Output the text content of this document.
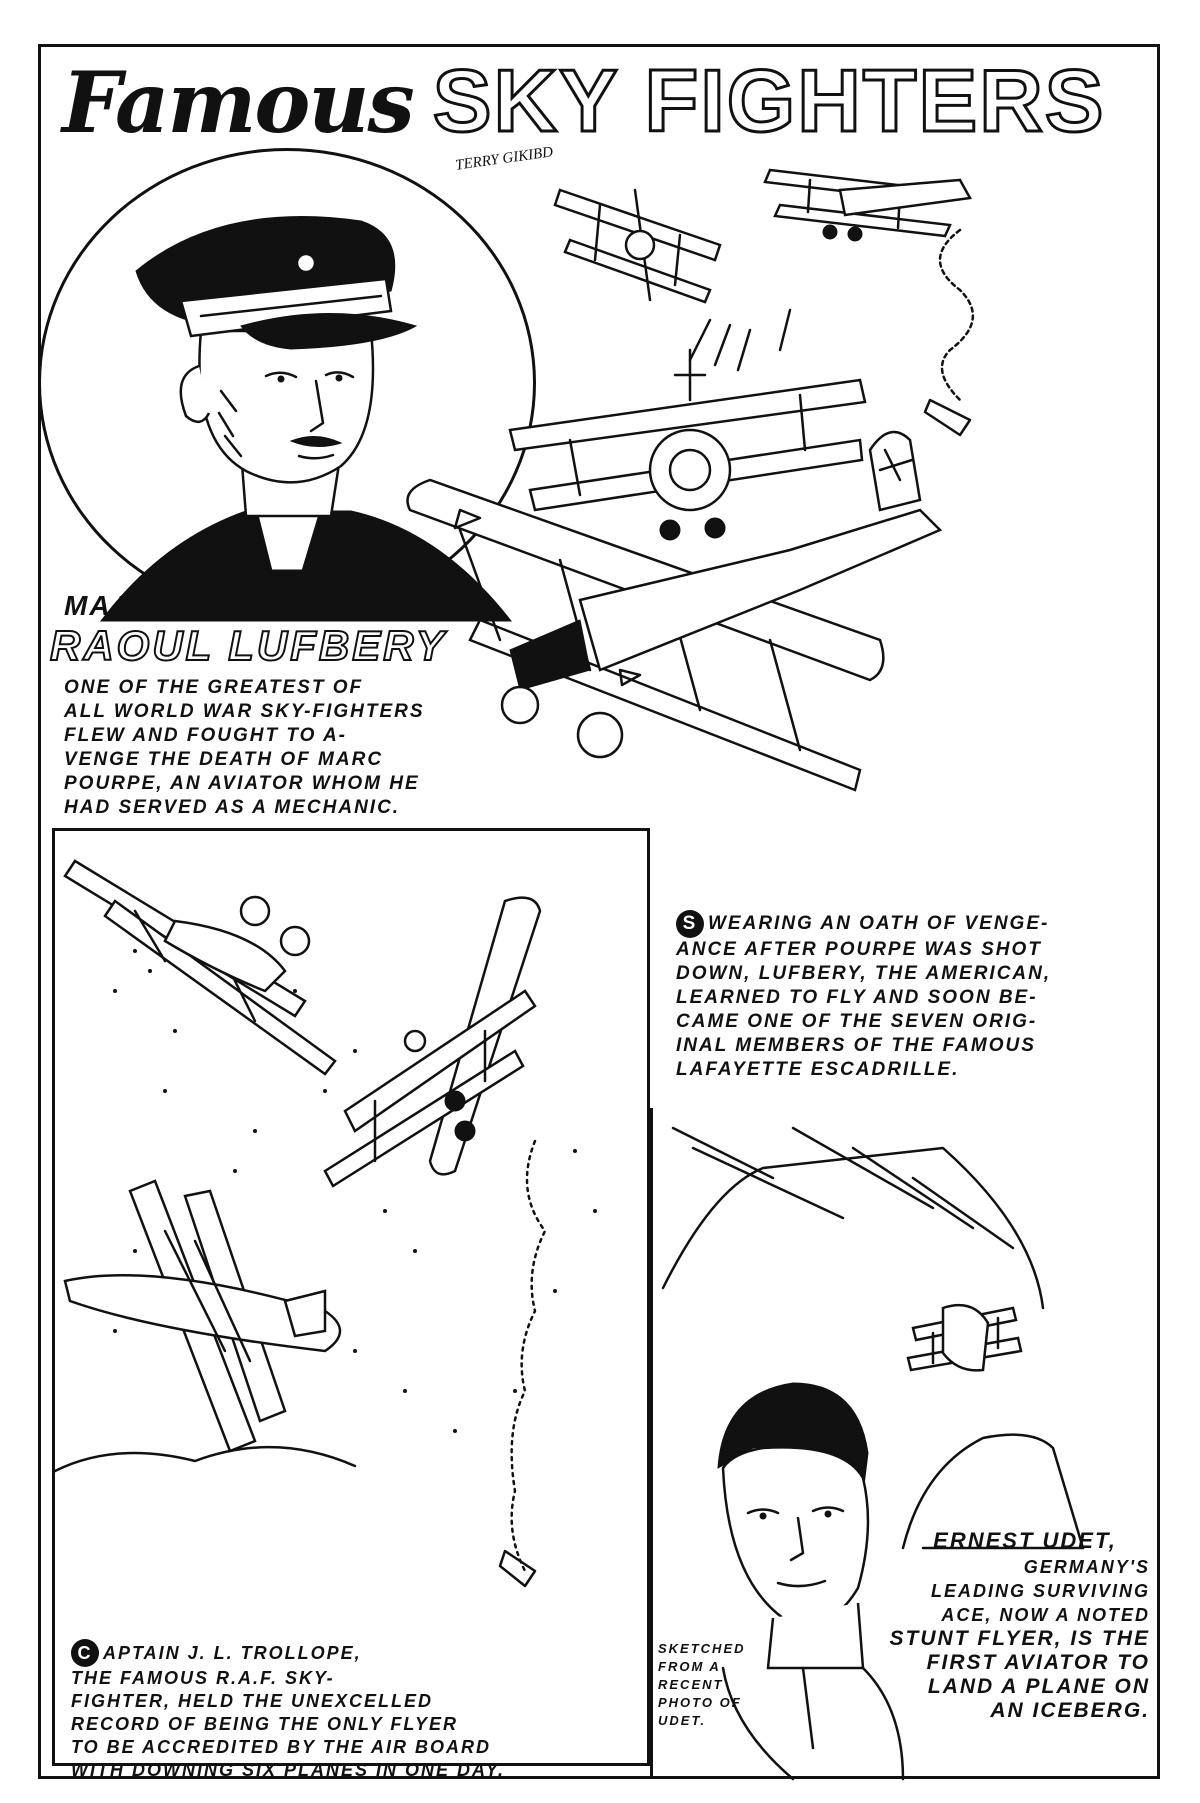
Famous SKY FIGHTERS
TERRY GIKIBD
MAJOR
RAOUL LUFBERY
ONE OF THE GREATEST OF
ALL WORLD WAR SKY-FIGHTERS
FLEW AND FOUGHT TO A-
VENGE THE DEATH OF MARC
POURPE, AN AVIATOR WHOM HE
HAD SERVED AS A MECHANIC.
C APTAIN J. L. TROLLOPE,
THE FAMOUS R.A.F. SKY-
FIGHTER, HELD THE UNEXCELLED
RECORD OF BEING THE ONLY FLYER
TO BE ACCREDITED BY THE AIR BOARD
WITH DOWNING SIX PLANES IN ONE DAY.
S WEARING AN OATH OF VENGE-
ANCE AFTER POURPE WAS SHOT
DOWN, LUFBERY, THE AMERICAN,
LEARNED TO FLY AND SOON BE-
CAME ONE OF THE SEVEN ORIG-
INAL MEMBERS OF THE FAMOUS
LAFAYETTE ESCADRILLE.
SKETCHED
FROM A
RECENT
PHOTO OF
UDET.
ERNEST UDET,
GERMANY'S
LEADING SURVIVING
ACE, NOW A NOTED
STUNT FLYER, IS THE
FIRST AVIATOR TO
LAND A PLANE ON
AN ICEBERG.
